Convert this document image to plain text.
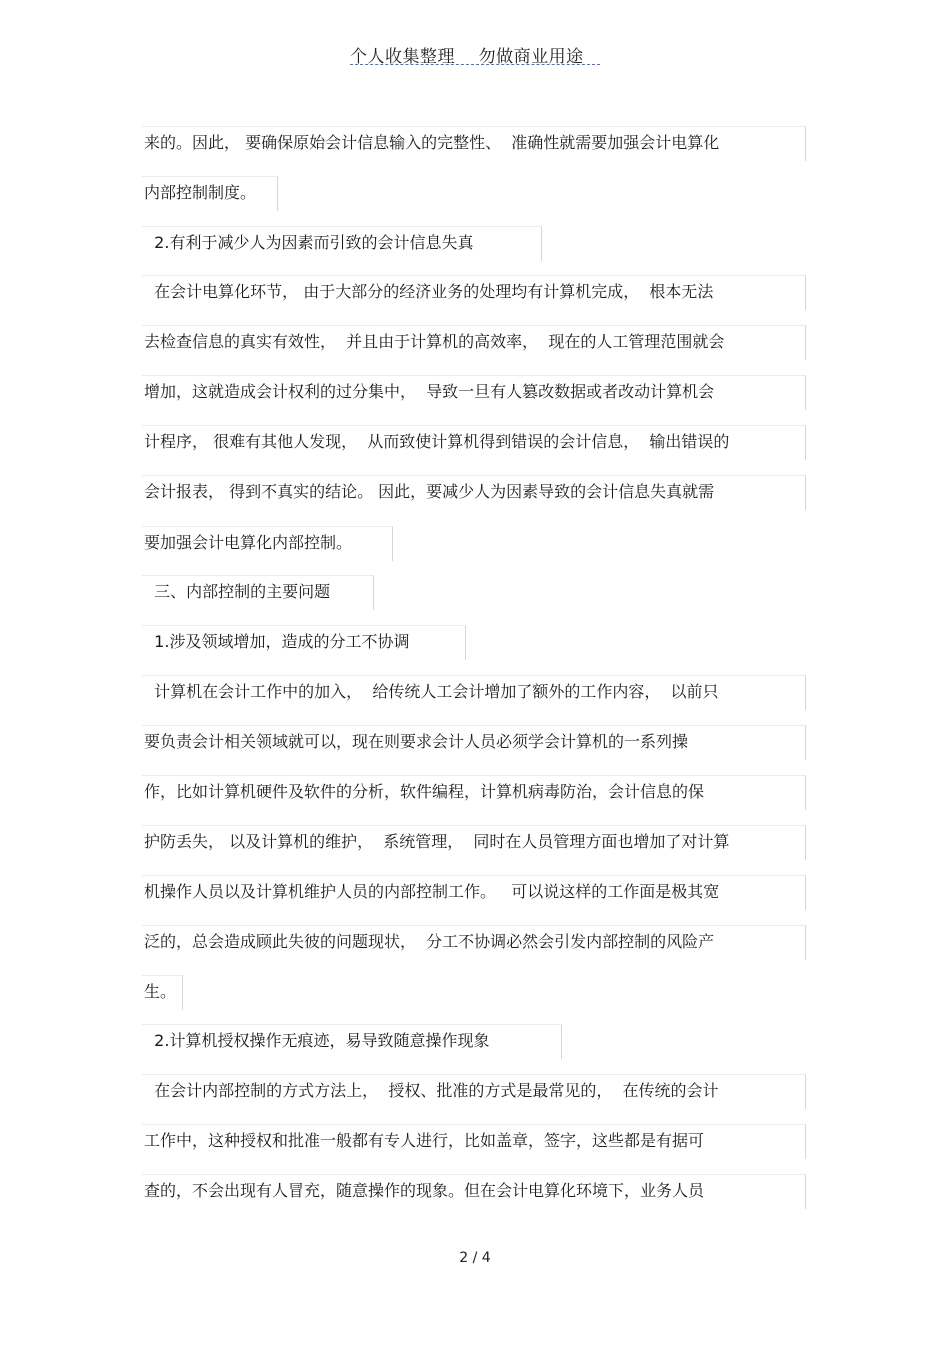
个人收集整理    勿做商业用途
来的。因此， 要确保原始会计信息输入的完整性、  准确性就需要加强会计电算化
内部控制制度。
2.有利于减少人为因素而引致的会计信息失真
在会计电算化环节， 由于大部分的经济业务的处理均有计算机完成，  根本无法
去检查信息的真实有效性，  并且由于计算机的高效率，  现在的人工管理范围就会
增加，这就造成会计权利的过分集中，  导致一旦有人篡改数据或者改动计算机会
计程序， 很难有其他人发现，  从而致使计算机得到错误的会计信息，  输出错误的
会计报表， 得到不真实的结论。 因此，要减少人为因素导致的会计信息失真就需
要加强会计电算化内部控制。
三、内部控制的主要问题
1.涉及领域增加，造成的分工不协调
计算机在会计工作中的加入，  给传统人工会计增加了额外的工作内容，  以前只
要负责会计相关领域就可以，现在则要求会计人员必须学会计算机的一系列操
作，比如计算机硬件及软件的分析，软件编程，计算机病毒防治，会计信息的保
护防丢失， 以及计算机的维护，  系统管理，  同时在人员管理方面也增加了对计算
机操作人员以及计算机维护人员的内部控制工作。   可以说这样的工作面是极其宽
泛的，总会造成顾此失彼的问题现状，  分工不协调必然会引发内部控制的风险产
生。
2.计算机授权操作无痕迹，易导致随意操作现象
在会计内部控制的方式方法上，  授权、批准的方式是最常见的，  在传统的会计
工作中，这种授权和批准一般都有专人进行，比如盖章，签字，这些都是有据可
查的，不会出现有人冒充，随意操作的现象。但在会计电算化环境下，业务人员
2 / 4
